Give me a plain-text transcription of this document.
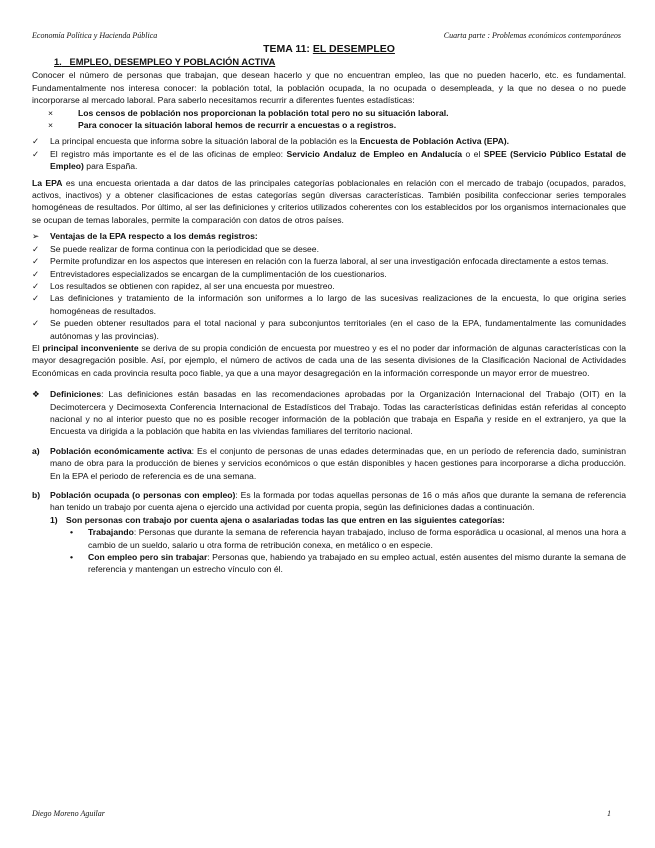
Economía Política y Hacienda Pública	Cuarta parte : Problemas económicos contemporáneos

TEMA 11: EL DESEMPLEO

1. EMPLEO, DESEMPLEO Y POBLACIÓN ACTIVA

Conocer el número de personas que trabajan, que desean hacerlo y que no encuentran empleo, las que no pueden hacerlo, etc. es fundamental. Fundamentalmente nos interesa conocer: la población total, la población ocupada, la no ocupada o desempleada, y la que no desea o no puede incorporarse al mercado laboral. Para saberlo necesitamos recurrir a diferentes fuentes estadísticas:

×	Los censos de población nos proporcionan la población total pero no su situación laboral.
×	Para conocer la situación laboral hemos de recurrir a encuestas o a registros.
✓ La principal encuesta que informa sobre la situación laboral de la población es la Encuesta de Población Activa (EPA).
✓ El registro más importante es el de las oficinas de empleo: Servicio Andaluz de Empleo en Andalucía o el SPEE (Servicio Público Estatal de Empleo) para España.

La EPA es una encuesta orientada a dar datos de las principales categorías poblacionales en relación con el mercado de trabajo (ocupados, parados, activos, inactivos) y a obtener clasificaciones de estas categorías según diversas características. También posibilita confeccionar series temporales homogéneas de resultados. Por último, al ser las definiciones y criterios utilizados coherentes con los establecidos por los organismos internacionales que se ocupan de temas laborales, permite la comparación con datos de otros países.

➢ Ventajas de la EPA respecto a los demás registros:
✓ Se puede realizar de forma continua con la periodicidad que se desee.
✓ Permite profundizar en los aspectos que interesen en relación con la fuerza laboral, al ser una investigación enfocada directamente a estos temas.
✓ Entrevistadores especializados se encargan de la cumplimentación de los cuestionarios.
✓ Los resultados se obtienen con rapidez, al ser una encuesta por muestreo.
✓ Las definiciones y tratamiento de la información son uniformes a lo largo de las sucesivas realizaciones de la encuesta, lo que origina series homogéneas de resultados.
✓ Se pueden obtener resultados para el total nacional y para subconjuntos territoriales (en el caso de la EPA, fundamentalmente las comunidades autónomas y las provincias).

El principal inconveniente se deriva de su propia condición de encuesta por muestreo y es el no poder dar información de algunas características con la mayor desagregación posible. Así, por ejemplo, el número de activos de cada una de las sesenta divisiones de la Clasificación Nacional de Actividades Económicas en cada provincia resulta poco fiable, ya que a una mayor desagregación en la información corresponde un mayor error de muestreo.

❖ Definiciones: Las definiciones están basadas en las recomendaciones aprobadas por la Organización Internacional del Trabajo (OIT) en la Decimotercera y Decimosexta Conferencia Internacional de Estadísticos del Trabajo. Todas las características definidas están referidas al concepto nacional y no al interior puesto que no es posible recoger información de la población que trabaja en España y reside en el extranjero, ya que la Encuesta va dirigida a la población que habita en las viviendas familiares del territorio nacional.
a) Población económicamente activa: Es el conjunto de personas de unas edades determinadas que, en un período de referencia dado, suministran mano de obra para la producción de bienes y servicios económicos o que están disponibles y hacen gestiones para incorporarse a dicha producción. En la EPA el periodo de referencia es de una semana.
b) Población ocupada (o personas con empleo): Es la formada por todas aquellas personas de 16 o más años que durante la semana de referencia han tenido un trabajo por cuenta ajena o ejercido una actividad por cuenta propia, según las definiciones dadas a continuación.
1) Son personas con trabajo por cuenta ajena o asalariadas todas las que entren en las siguientes categorías:
• Trabajando: Personas que durante la semana de referencia hayan trabajado, incluso de forma esporádica u ocasional, al menos una hora a cambio de un sueldo, salario u otra forma de retribución conexa, en metálico o en especie.
• Con empleo pero sin trabajar: Personas que, habiendo ya trabajado en su empleo actual, estén ausentes del mismo durante la semana de referencia y mantengan un estrecho vínculo con él.
Diego Moreno Aguilar	1
